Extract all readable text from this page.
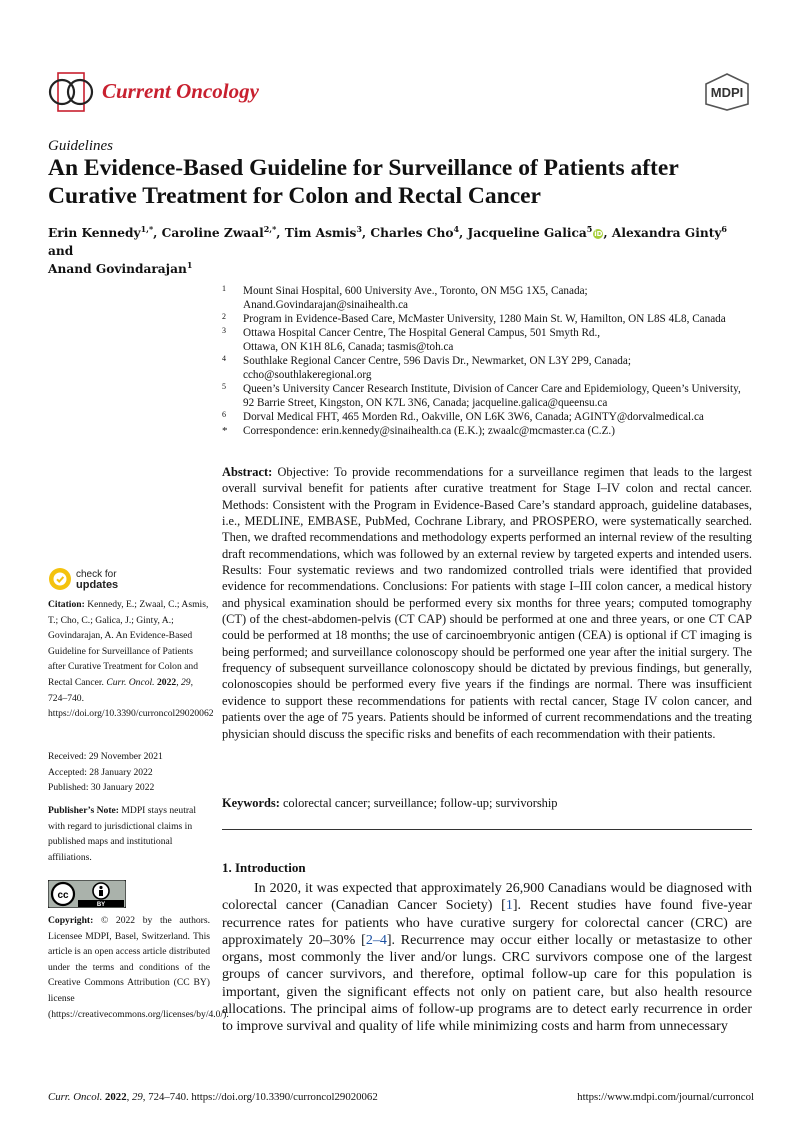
Current Oncology	MDPI
Guidelines
An Evidence-Based Guideline for Surveillance of Patients after Curative Treatment for Colon and Rectal Cancer
Erin Kennedy$^{1,*}$, Caroline Zwaal$^{2,*}$, Tim Asmis$^3$, Charles Cho$^4$, Jacqueline Galica$^5$iD, Alexandra Ginty$^6$ and
Anand Govindarajan$^1$
1 Mount Sinai Hospital, 600 University Ave., Toronto, ON M5G 1X5, Canada;
Anand.Govindarajan@sinaihealth.ca
2 Program in Evidence-Based Care, McMaster University, 1280 Main St. W, Hamilton, ON L8S 4L8, Canada
3 Ottawa Hospital Cancer Centre, The Hospital General Campus, 501 Smyth Rd.,
Ottawa, ON K1H 8L6, Canada; tasmis@toh.ca
4 Southlake Regional Cancer Centre, 596 Davis Dr., Newmarket, ON L3Y 2P9, Canada;
ccho@southlakeregional.org
5 Queen’s University Cancer Research Institute, Division of Cancer Care and Epidemiology, Queen’s University,
92 Barrie Street, Kingston, ON K7L 3N6, Canada; jacqueline.galica@queensu.ca
6 Dorval Medical FHT, 465 Morden Rd., Oakville, ON L6K 3W6, Canada; AGINTY@dorvalmedical.ca
* Correspondence: erin.kennedy@sinaihealth.ca (E.K.); zwaalc@mcmaster.ca (C.Z.)
Abstract: Objective: To provide recommendations for a surveillance regimen that leads to the largest overall survival benefit for patients after curative treatment for Stage I–IV colon and rectal cancer. Methods: Consistent with the Program in Evidence-Based Care’s standard approach, guideline databases, i.e., MEDLINE, EMBASE, PubMed, Cochrane Library, and PROSPERO, were systematically searched. Then, we drafted recommendations and methodology experts performed an internal review of the resulting draft recommendations, which was followed by an external review by targeted experts and intended users. Results: Four systematic reviews and two randomized controlled trials were identified that provided evidence for recommendations. Conclusions: For patients with stage I–III colon cancer, a medical history and physical examination should be performed every six months for three years; computed tomography (CT) of the chest-abdomen-pelvis (CT CAP) should be performed at one and three years, or one CT CAP could be performed at 18 months; the use of carcinoembryonic antigen (CEA) is optional if CT imaging is being performed; and surveillance colonoscopy should be performed one year after the initial surgery. The frequency of subsequent surveillance colonoscopy should be dictated by previous findings, but generally, colonoscopies should be performed every five years if the findings are normal. There was insufficient evidence to support these recommendations for patients with rectal cancer, Stage IV colon cancer, and patients over the age of 75 years. Patients should be informed of current recommendations and the treating physician should discuss the specific risks and benefits of each recommendation with their patients.
Keywords: colorectal cancer; surveillance; follow-up; survivorship
check for
updates
Citation: Kennedy, E.; Zwaal, C.; Asmis, T.; Cho, C.; Galica, J.; Ginty, A.; Govindarajan, A. An Evidence-Based Guideline for Surveillance of Patients after Curative Treatment for Colon and Rectal Cancer. Curr. Oncol. 2022, 29, 724–740. https://doi.org/10.3390/curroncol29020062
Received: 29 November 2021
Accepted: 28 January 2022
Published: 30 January 2022
Publisher’s Note: MDPI stays neutral with regard to jurisdictional claims in published maps and institutional affiliations.
cc
BY
Copyright: © 2022 by the authors. Licensee MDPI, Basel, Switzerland. This article is an open access article distributed under the terms and conditions of the Creative Commons Attribution (CC BY) license (https://creativecommons.org/licenses/by/4.0/).
1. Introduction
In 2020, it was expected that approximately 26,900 Canadians would be diagnosed with colorectal cancer (Canadian Cancer Society) [1]. Recent studies have found five-year recurrence rates for patients who have curative surgery for colorectal cancer (CRC) are approximately 20–30% [2–4]. Recurrence may occur either locally or metastasize to other organs, most commonly the liver and/or lungs. CRC survivors compose one of the largest groups of cancer survivors, and therefore, optimal follow-up care for this population is important, given the significant effects not only on patient care, but also health resource allocations. The principal aims of follow-up programs are to detect early recurrence in order to improve survival and quality of life while minimizing costs and harm from unnecessary
Curr. Oncol. 2022, 29, 724–740. https://doi.org/10.3390/curroncol29020062	https://www.mdpi.com/journal/curroncol
